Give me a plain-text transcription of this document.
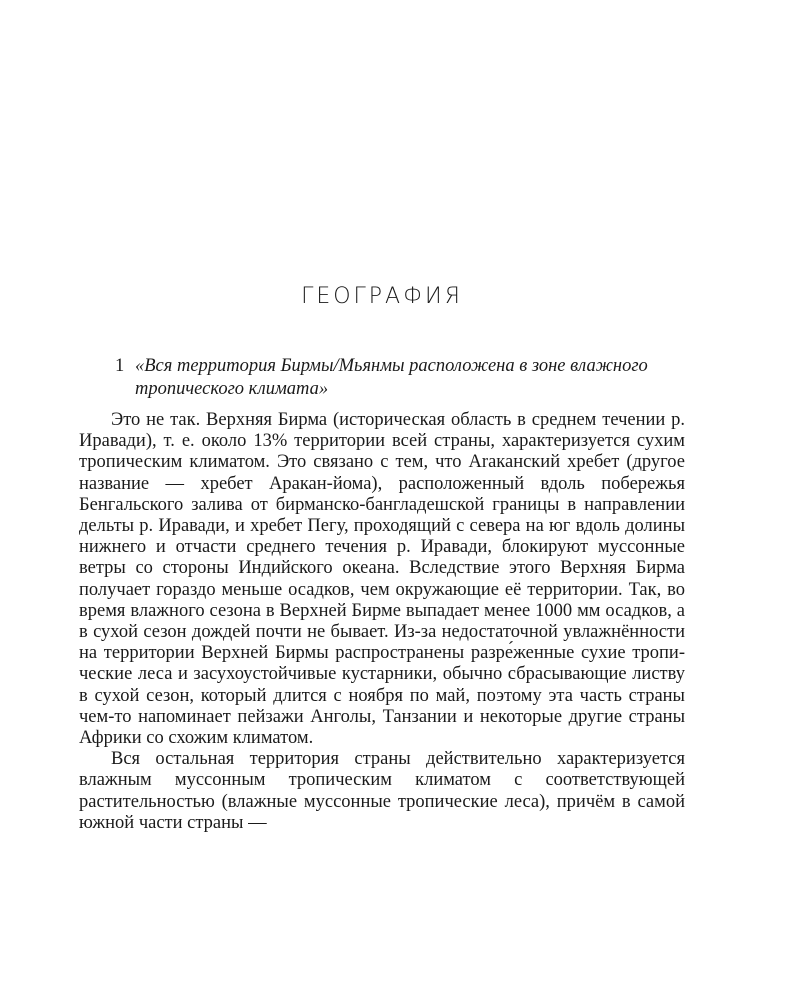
ГЕОГРАФИЯ
1 «Вся территория Бирмы/Мьянмы расположена в зоне влажного тропического климата»

Это не так. Верхняя Бирма (историческая область в среднем течении р. Иравади), т. е. около 13% территории всей страны, характеризуется сухим тропическим климатом. Это связано с тем, что Araканский хребет (другое название — хребет Аракан-йома), расположенный вдоль побережья Бенгальского залива от бирманско-бангладешской границы в направлении дельты р. Иравади, и хребет Пегу, проходящий с севера на юг вдоль долины нижнего и отчасти среднего течения р. Иравади, блокируют муссонные ветры со стороны Индийского океана. Вследствие этого Верхняя Бирма получает гораздо меньше осадков, чем окружающие её территории. Так, во время влажного сезона в Верхней Бирме выпадает менее 1000 мм осадков, а в сухой сезон дождей почти не бывает. Из-за недостаточной увлажнённости на территории Верхней Бирмы распространены разре́женные сухие тропические леса и засухоустойчивые кустарники, обычно сбрасывающие листву в сухой сезон, который длится с ноября по май, поэтому эта часть страны чем-то напоминает пейзажи Анголы, Танзании и некоторые другие страны Африки со схожим климатом.

Вся остальная территория страны действительно характеризуется влажным муссонным тропическим климатом с соответствующей растительностью (влажные муссонные тропические леса), причём в самой южной части страны —
